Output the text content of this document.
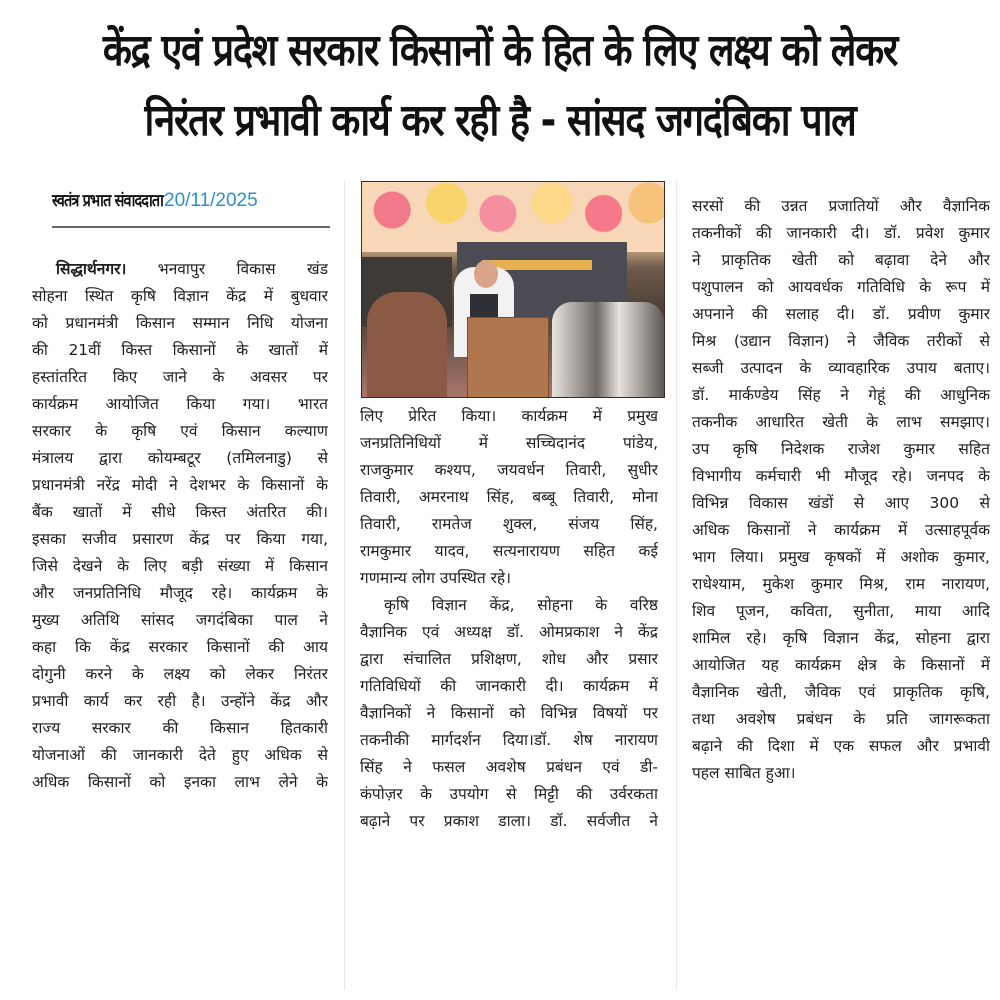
केंद्र एवं प्रदेश सरकार किसानों के हित के लिए लक्ष्य को लेकर
निरंतर प्रभावी कार्य कर रही है - सांसद जगदंबिका पाल
स्वतंत्र प्रभात संवाददाता 20/11/2025
सिद्धार्थनगर। भनवापुर विकास खंड
सोहना स्थित कृषि विज्ञान केंद्र में बुधवार
को प्रधानमंत्री किसान सम्मान निधि योजना
की 21वीं किस्त किसानों के खातों में
हस्तांतरित किए जाने के अवसर पर
कार्यक्रम आयोजित किया गया। भारत
सरकार के कृषि एवं किसान कल्याण
मंत्रालय द्वारा कोयम्बटूर (तमिलनाडु) से
प्रधानमंत्री नरेंद्र मोदी ने देशभर के किसानों के
बैंक खातों में सीधे किस्त अंतरित की।
इसका सजीव प्रसारण केंद्र पर किया गया,
जिसे देखने के लिए बड़ी संख्या में किसान
और जनप्रतिनिधि मौजूद रहे। कार्यक्रम के
मुख्य अतिथि सांसद जगदंबिका पाल ने
कहा कि केंद्र सरकार किसानों की आय
दोगुनी करने के लक्ष्य को लेकर निरंतर
प्रभावी कार्य कर रही है। उन्होंने केंद्र और
राज्य सरकार की किसान हितकारी
योजनाओं की जानकारी देते हुए अधिक से
अधिक किसानों को इनका लाभ लेने के
लिए प्रेरित किया। कार्यक्रम में प्रमुख
जनप्रतिनिधियों में सच्चिदानंद पांडेय,
राजकुमार कश्यप, जयवर्धन तिवारी, सुधीर
तिवारी, अमरनाथ सिंह, बब्बू तिवारी, मोना
तिवारी, रामतेज शुक्ल, संजय सिंह,
रामकुमार यादव, सत्यनारायण सहित कई
गणमान्य लोग उपस्थित रहे।
कृषि विज्ञान केंद्र, सोहना के वरिष्ठ
वैज्ञानिक एवं अध्यक्ष डॉ. ओमप्रकाश ने केंद्र
द्वारा संचालित प्रशिक्षण, शोध और प्रसार
गतिविधियों की जानकारी दी। कार्यक्रम में
वैज्ञानिकों ने किसानों को विभिन्न विषयों पर
तकनीकी मार्गदर्शन दिया।डॉ. शेष नारायण
सिंह ने फसल अवशेष प्रबंधन एवं डी-
कंपोज़र के उपयोग से मिट्टी की उर्वरकता
बढ़ाने पर प्रकाश डाला। डॉ. सर्वजीत ने
सरसों की उन्नत प्रजातियों और वैज्ञानिक
तकनीकों की जानकारी दी। डॉ. प्रवेश कुमार
ने प्राकृतिक खेती को बढ़ावा देने और
पशुपालन को आयवर्धक गतिविधि के रूप में
अपनाने की सलाह दी। डॉ. प्रवीण कुमार
मिश्र (उद्यान विज्ञान) ने जैविक तरीकों से
सब्जी उत्पादन के व्यावहारिक उपाय बताए।
डॉ. मार्कण्डेय सिंह ने गेहूं की आधुनिक
तकनीक आधारित खेती के लाभ समझाए।
उप कृषि निदेशक राजेश कुमार सहित
विभागीय कर्मचारी भी मौजूद रहे। जनपद के
विभिन्न विकास खंडों से आए 300 से
अधिक किसानों ने कार्यक्रम में उत्साहपूर्वक
भाग लिया। प्रमुख कृषकों में अशोक कुमार,
राधेश्याम, मुकेश कुमार मिश्र, राम नारायण,
शिव पूजन, कविता, सुनीता, माया आदि
शामिल रहे। कृषि विज्ञान केंद्र, सोहना द्वारा
आयोजित यह कार्यक्रम क्षेत्र के किसानों में
वैज्ञानिक खेती, जैविक एवं प्राकृतिक कृषि,
तथा अवशेष प्रबंधन के प्रति जागरूकता
बढ़ाने की दिशा में एक सफल और प्रभावी
पहल साबित हुआ।
